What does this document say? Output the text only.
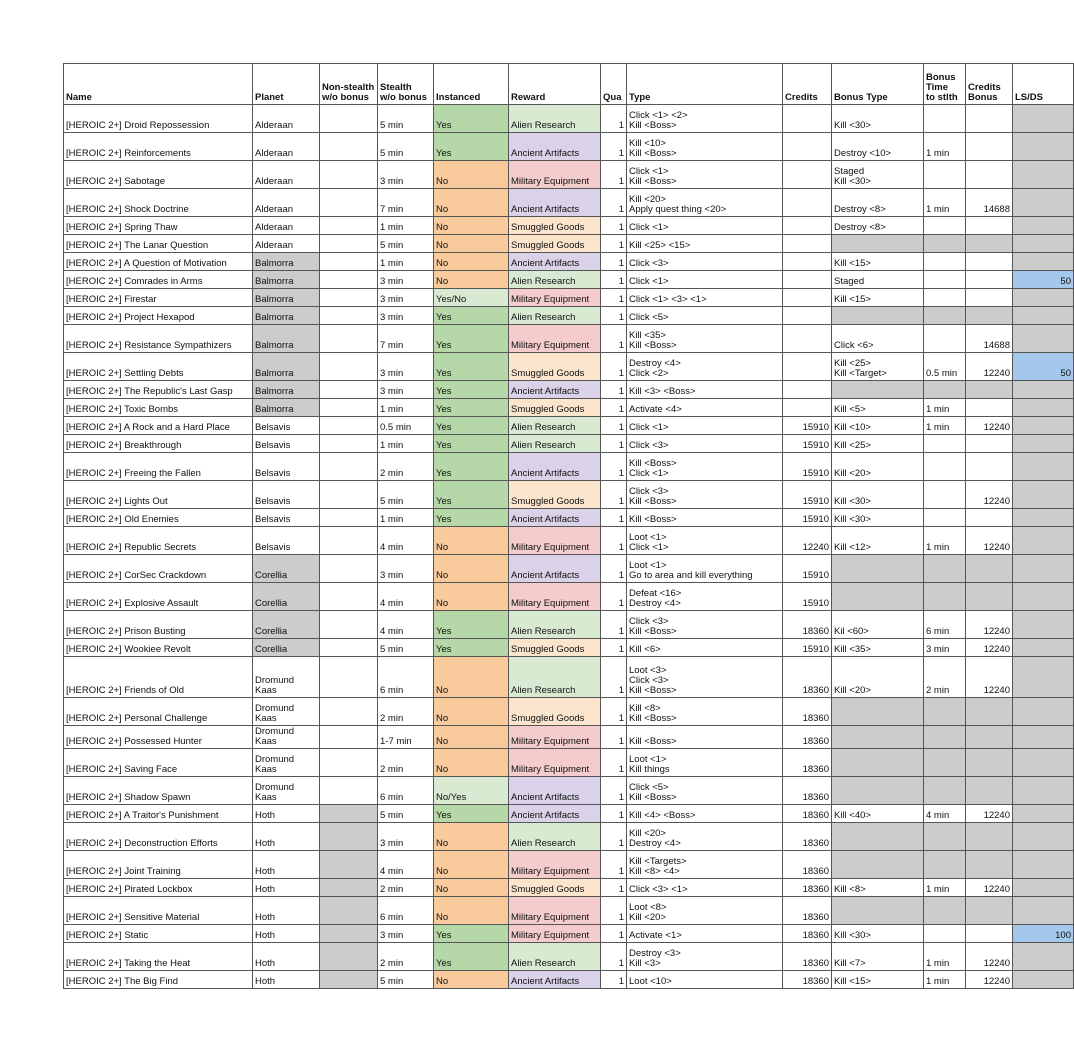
Name	Planet	Non-stealth
w/o bonus	Stealth
w/o bonus	Instanced	Reward	Qua	Type	Credits	Bonus Type	Bonus
Time
to stlth	Credits
Bonus	LS/DS
[HEROIC 2+] Droid Repossession	Alderaan		5 min	Yes	Alien Research	1	Click <1> <2>
Kill <Boss>		Kill <30>			
[HEROIC 2+] Reinforcements	Alderaan		5 min	Yes	Ancient Artifacts	1	Kill <10>
Kill <Boss>		Destroy <10>	1 min		
[HEROIC 2+] Sabotage	Alderaan		3 min	No	Military Equipment	1	Click <1>
Kill <Boss>		Staged
Kill <30>			
[HEROIC 2+] Shock Doctrine	Alderaan		7 min	No	Ancient Artifacts	1	Kill <20>
Apply quest thing <20>		Destroy <8>	1 min	14688	
[HEROIC 2+] Spring Thaw	Alderaan		1 min	No	Smuggled Goods	1	Click <1>		Destroy <8>			
[HEROIC 2+] The Lanar Question	Alderaan		5 min	No	Smuggled Goods	1	Kill <25> <15>					
[HEROIC 2+] A Question of Motivation	Balmorra		1 min	No	Ancient Artifacts	1	Click <3>		Kill <15>			
[HEROIC 2+] Comrades in Arms	Balmorra		3 min	No	Alien Research	1	Click <1>		Staged			50
[HEROIC 2+] Firestar	Balmorra		3 min	Yes/No	Military Equipment	1	Click <1> <3> <1>		Kill <15>			
[HEROIC 2+] Project Hexapod	Balmorra		3 min	Yes	Alien Research	1	Click <5>					
[HEROIC 2+] Resistance Sympathizers	Balmorra		7 min	Yes	Military Equipment	1	Kill <35>
Kill <Boss>		Click <6>		14688	
[HEROIC 2+] Settling Debts	Balmorra		3 min	Yes	Smuggled Goods	1	Destroy <4>
Click <2>		Kill <25>
Kill <Target>	0.5 min	12240	50
[HEROIC 2+] The Republic's Last Gasp	Balmorra		3 min	Yes	Ancient Artifacts	1	Kill <3> <Boss>					
[HEROIC 2+] Toxic Bombs	Balmorra		1 min	Yes	Smuggled Goods	1	Activate <4>		Kill <5>	1 min		
[HEROIC 2+] A Rock and a Hard Place	Belsavis		0.5 min	Yes	Alien Research	1	Click <1>	15910	Kill <10>	1 min	12240	
[HEROIC 2+] Breakthrough	Belsavis		1 min	Yes	Alien Research	1	Click <3>	15910	Kill <25>			
[HEROIC 2+] Freeing the Fallen	Belsavis		2 min	Yes	Ancient Artifacts	1	Kill <Boss>
Click <1>	15910	Kill <20>			
[HEROIC 2+] Lights Out	Belsavis		5 min	Yes	Smuggled Goods	1	Click <3>
Kill <Boss>	15910	Kill <30>		12240	
[HEROIC 2+] Old Enemies	Belsavis		1 min	Yes	Ancient Artifacts	1	Kill <Boss>	15910	Kill <30>			
[HEROIC 2+] Republic Secrets	Belsavis		4 min	No	Military Equipment	1	Loot <1>
Click <1>	12240	Kill <12>	1 min	12240	
[HEROIC 2+] CorSec Crackdown	Corellia		3 min	No	Ancient Artifacts	1	Loot <1>
Go to area and kill everything	15910				
[HEROIC 2+] Explosive Assault	Corellia		4 min	No	Military Equipment	1	Defeat <16>
Destroy <4>	15910				
[HEROIC 2+] Prison Busting	Corellia		4 min	Yes	Alien Research	1	Click <3>
Kill <Boss>	18360	Kil <60>	6 min	12240	
[HEROIC 2+] Wookiee Revolt	Corellia		5 min	Yes	Smuggled Goods	1	Kill <6>	15910	Kill <35>	3 min	12240	
[HEROIC 2+] Friends of Old	Dromund Kaas		6 min	No	Alien Research	1	Loot <3>
Click <3>
Kill <Boss>	18360	Kill <20>	2 min	12240	
[HEROIC 2+] Personal Challenge	Dromund Kaas		2 min	No	Smuggled Goods	1	Kill <8>
Kill <Boss>	18360				
[HEROIC 2+] Possessed Hunter	Dromund Kaas		1-7 min	No	Military Equipment	1	Kill <Boss>	18360				
[HEROIC 2+] Saving Face	Dromund Kaas		2 min	No	Military Equipment	1	Loot <1>
Kill things	18360				
[HEROIC 2+] Shadow Spawn	Dromund Kaas		6 min	No/Yes	Ancient Artifacts	1	Click <5>
Kill <Boss>	18360				
[HEROIC 2+] A Traitor's Punishment	Hoth		5 min	Yes	Ancient Artifacts	1	Kill <4> <Boss>	18360	Kill <40>	4 min	12240	
[HEROIC 2+] Deconstruction Efforts	Hoth		3 min	No	Alien Research	1	Kill <20>
Destroy <4>	18360				
[HEROIC 2+] Joint Training	Hoth		4 min	No	Military Equipment	1	Kill <Targets>
Kill <8> <4>	18360				
[HEROIC 2+] Pirated Lockbox	Hoth		2 min	No	Smuggled Goods	1	Click <3> <1>	18360	Kill <8>	1 min	12240	
[HEROIC 2+] Sensitive Material	Hoth		6 min	No	Military Equipment	1	Loot <8>
Kill <20>	18360				
[HEROIC 2+] Static	Hoth		3 min	Yes	Military Equipment	1	Activate <1>	18360	Kill <30>			100
[HEROIC 2+] Taking the Heat	Hoth		2 min	Yes	Alien Research	1	Destroy <3>
Kill <3>	18360	Kill <7>	1 min	12240	
[HEROIC 2+] The Big Find	Hoth		5 min	No	Ancient Artifacts	1	Loot <10>	18360	Kill <15>	1 min	12240	
